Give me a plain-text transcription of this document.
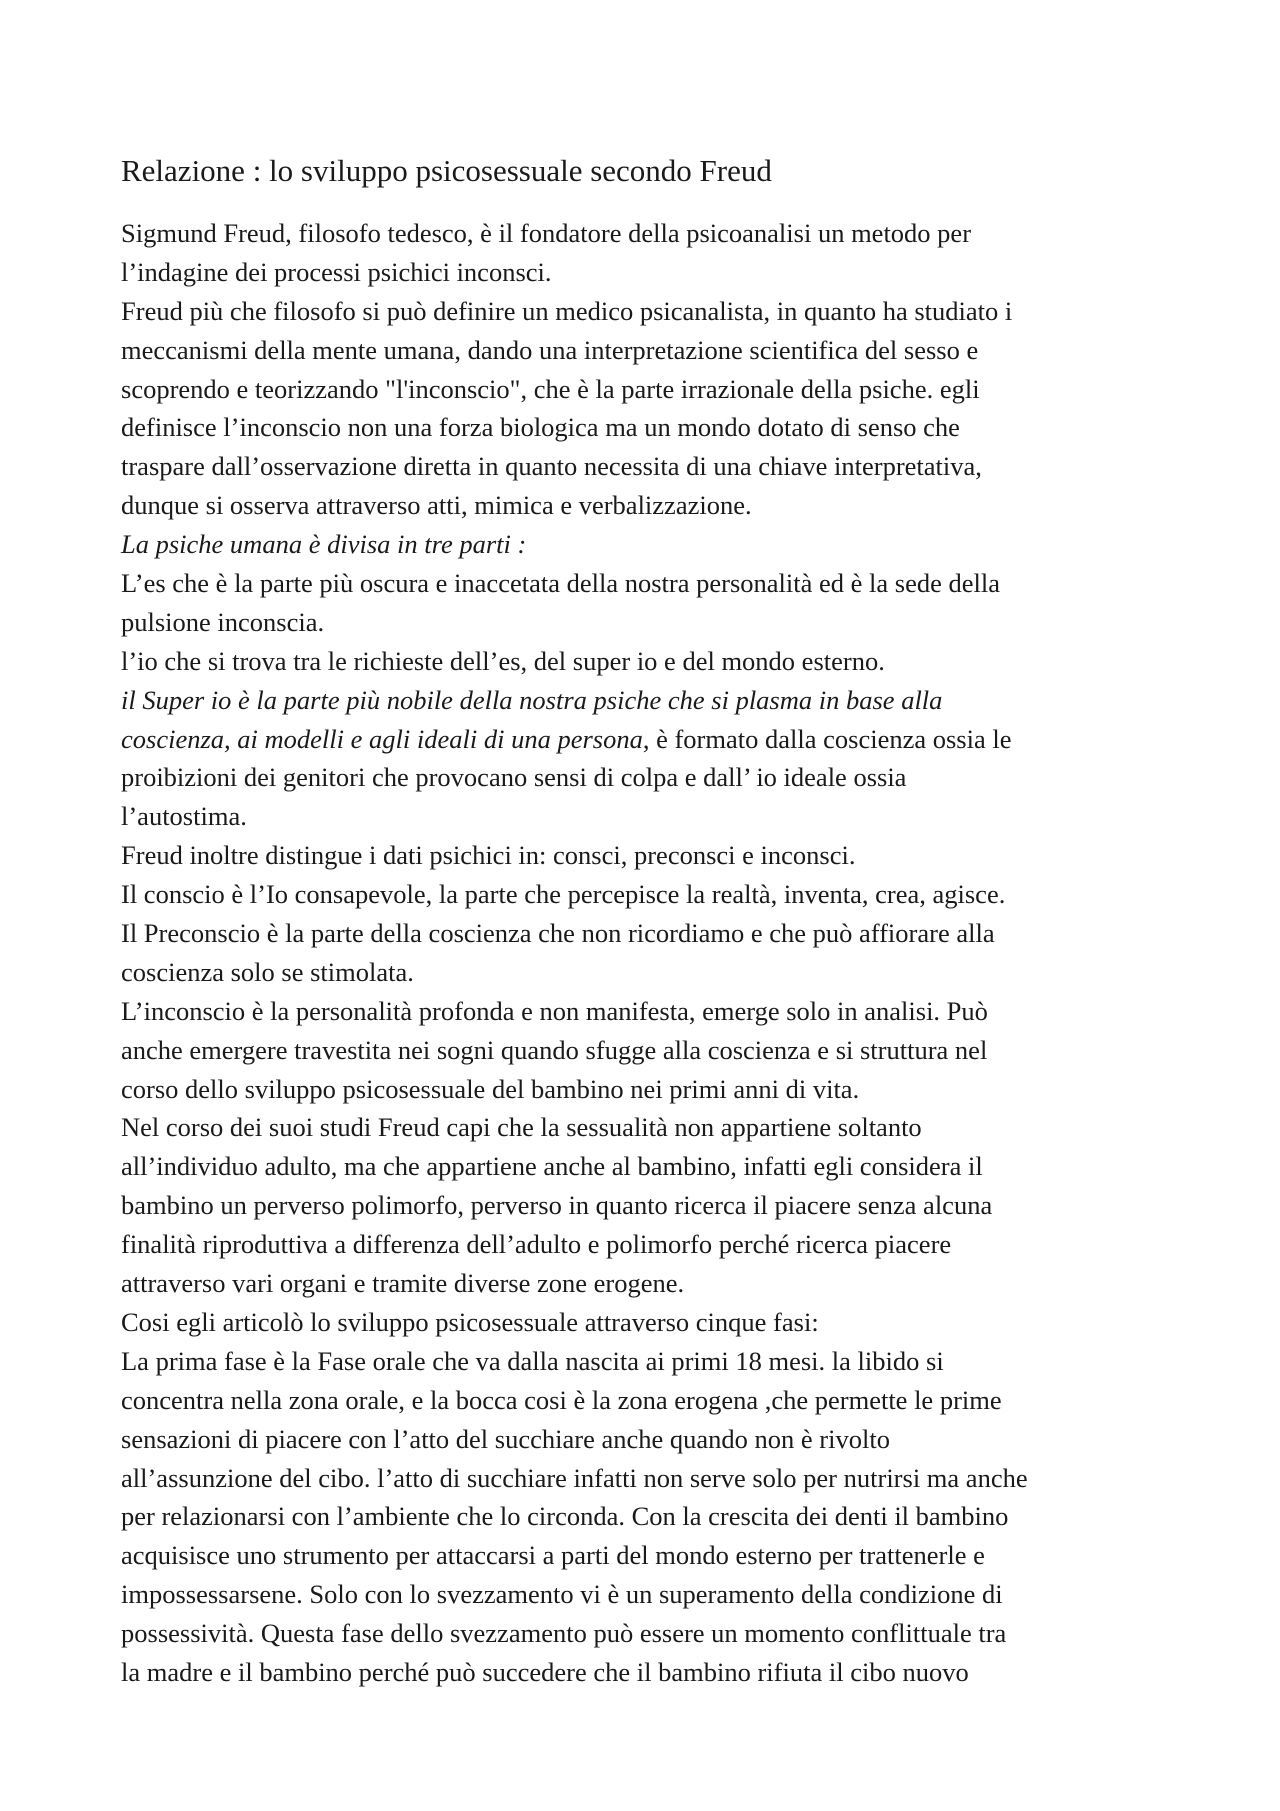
Relazione : lo sviluppo psicosessuale secondo Freud
Sigmund Freud, filosofo tedesco, è il fondatore della psicoanalisi un metodo per
l’indagine dei processi psichici inconsci.
Freud più che filosofo si può definire un medico psicanalista, in quanto ha studiato i
meccanismi della mente umana, dando una interpretazione scientifica del sesso e
scoprendo e teorizzando "l'inconscio", che è la parte irrazionale della psiche. egli
definisce l’inconscio non una forza biologica ma un mondo dotato di senso che
traspare dall’osservazione diretta in quanto necessita di una chiave interpretativa,
dunque si osserva attraverso atti, mimica e verbalizzazione.
La psiche umana è divisa in tre parti :
L’es che è la parte più oscura e inaccetata della nostra personalità ed è la sede della
pulsione inconscia.
l’io che si trova tra le richieste dell’es, del super io e del mondo esterno.
il Super io è la parte più nobile della nostra psiche che si plasma in base alla
coscienza, ai modelli e agli ideali di una persona, è formato dalla coscienza ossia le
proibizioni dei genitori che provocano sensi di colpa e dall’ io ideale ossia
l’autostima.
Freud inoltre distingue i dati psichici in: consci, preconsci e inconsci.
Il conscio è l’Io consapevole, la parte che percepisce la realtà, inventa, crea, agisce.
Il Preconscio è la parte della coscienza che non ricordiamo e che può affiorare alla
coscienza solo se stimolata.
L’inconscio è la personalità profonda e non manifesta, emerge solo in analisi. Può
anche emergere travestita nei sogni quando sfugge alla coscienza e si struttura nel
corso dello sviluppo psicosessuale del bambino nei primi anni di vita.
Nel corso dei suoi studi Freud capi che la sessualità non appartiene soltanto
all’individuo adulto, ma che appartiene anche al bambino, infatti egli considera il
bambino un perverso polimorfo, perverso in quanto ricerca il piacere senza alcuna
finalità riproduttiva a differenza dell’adulto e polimorfo perché ricerca piacere
attraverso vari organi e tramite diverse zone erogene.
Cosi egli articolò lo sviluppo psicosessuale attraverso cinque fasi:
La prima fase è la Fase orale che va dalla nascita ai primi 18 mesi. la libido si
concentra nella zona orale, e la bocca cosi è la zona erogena ,che permette le prime
sensazioni di piacere con l’atto del succhiare anche quando non è rivolto
all’assunzione del cibo. l’atto di succhiare infatti non serve solo per nutrirsi ma anche
per relazionarsi con l’ambiente che lo circonda. Con la crescita dei denti il bambino
acquisisce uno strumento per attaccarsi a parti del mondo esterno per trattenerle e
impossessarsene. Solo con lo svezzamento vi è un superamento della condizione di
possessività. Questa fase dello svezzamento può essere un momento conflittuale tra
la madre e il bambino perché può succedere che il bambino rifiuta il cibo nuovo
